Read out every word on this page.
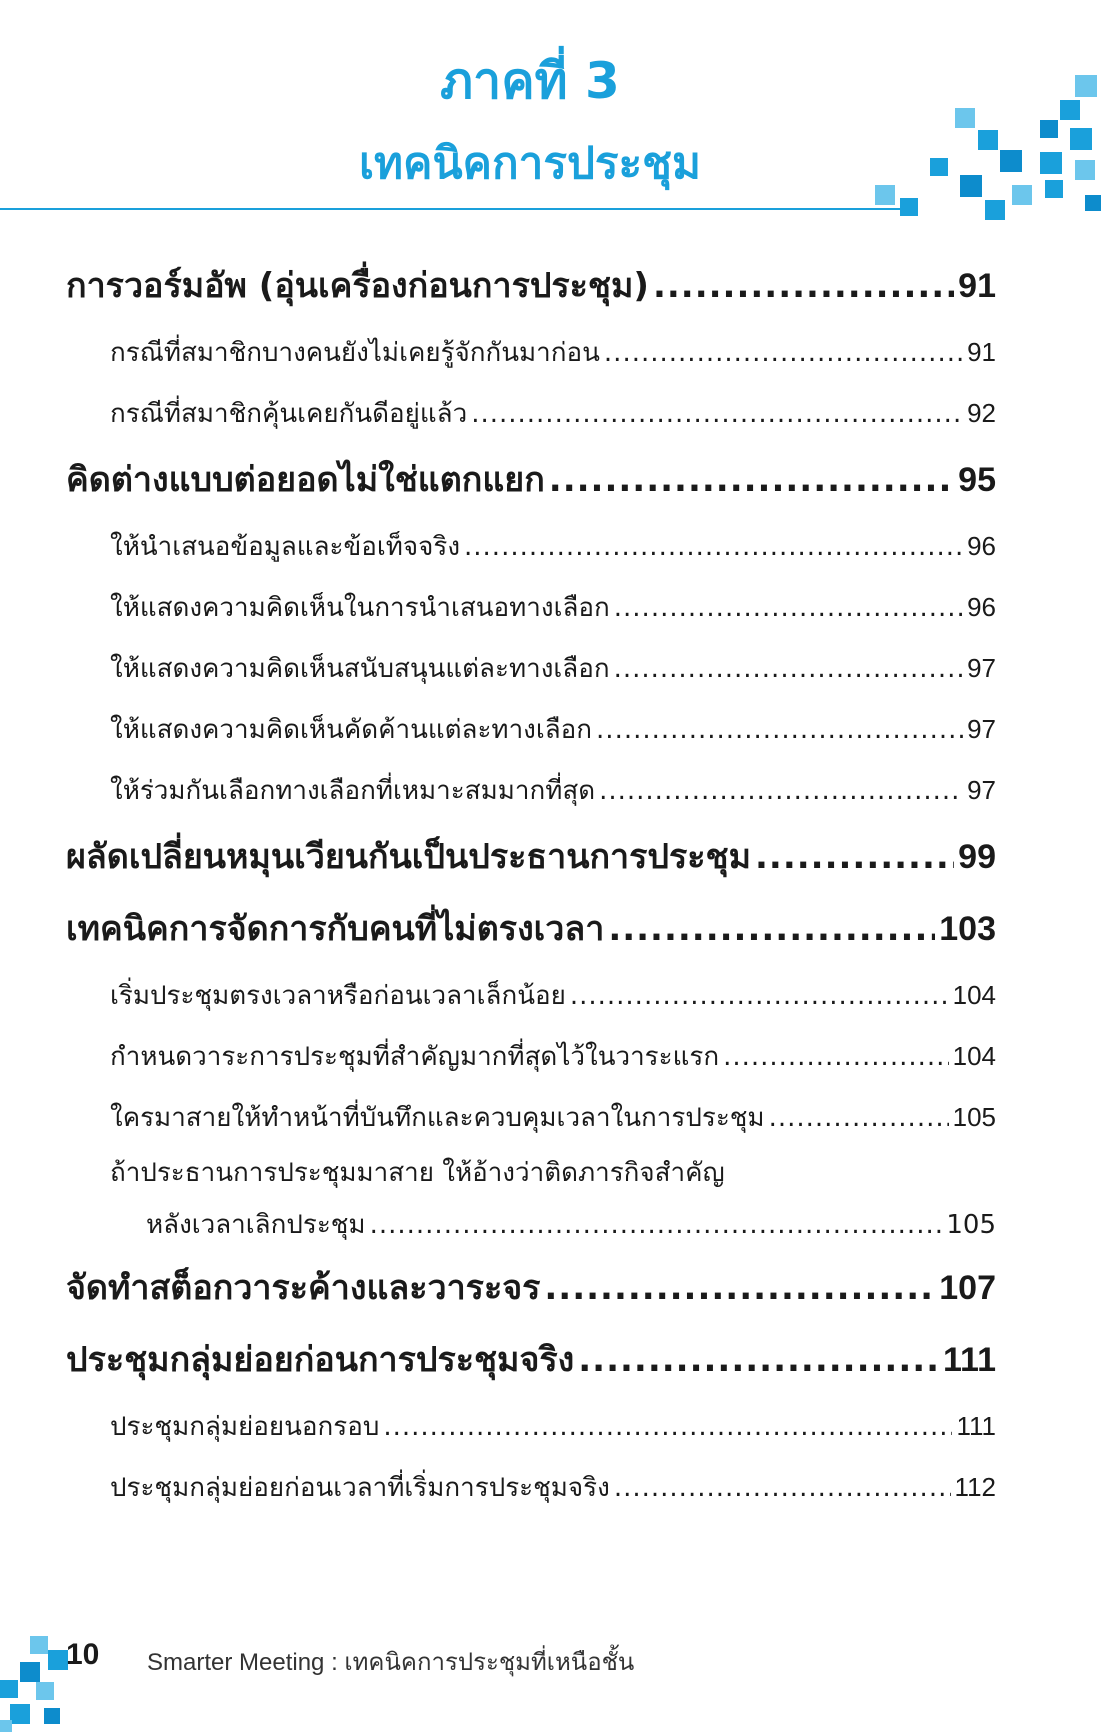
ภาคที่ 3
เทคนิคการประชุม
การวอร์มอัพ (อุ่นเครื่องก่อนการประชุม) .....	91
กรณีที่สมาชิกบางคนยังไม่เคยรู้จักกันมาก่อน .....	91
กรณีที่สมาชิกคุ้นเคยกันดีอยู่แล้ว .....	92
คิดต่างแบบต่อยอดไม่ใช่แตกแยก .....	95
ให้นำเสนอข้อมูลและข้อเท็จจริง .....	96
ให้แสดงความคิดเห็นในการนำเสนอทางเลือก .....	96
ให้แสดงความคิดเห็นสนับสนุนแต่ละทางเลือก .....	97
ให้แสดงความคิดเห็นคัดค้านแต่ละทางเลือก .....	97
ให้ร่วมกันเลือกทางเลือกที่เหมาะสมมากที่สุด .....	97
ผลัดเปลี่ยนหมุนเวียนกันเป็นประธานการประชุม .....	99
เทคนิคการจัดการกับคนที่ไม่ตรงเวลา .....	103
เริ่มประชุมตรงเวลาหรือก่อนเวลาเล็กน้อย .....	104
กำหนดวาระการประชุมที่สำคัญมากที่สุดไว้ในวาระแรก .....	104
ใครมาสายให้ทำหน้าที่บันทึกและควบคุมเวลาในการประชุม .....	105
ถ้าประธานการประชุมมาสาย ให้อ้างว่าติดภารกิจสำคัญ
หลังเวลาเลิกประชุม .....	105
จัดทำสต็อกวาระค้างและวาระจร .....	107
ประชุมกลุ่มย่อยก่อนการประชุมจริง .....	111
ประชุมกลุ่มย่อยนอกรอบ .....	111
ประชุมกลุ่มย่อยก่อนเวลาที่เริ่มการประชุมจริง .....	112
10 Smarter Meeting : เทคนิคการประชุมที่เหนือชั้น
